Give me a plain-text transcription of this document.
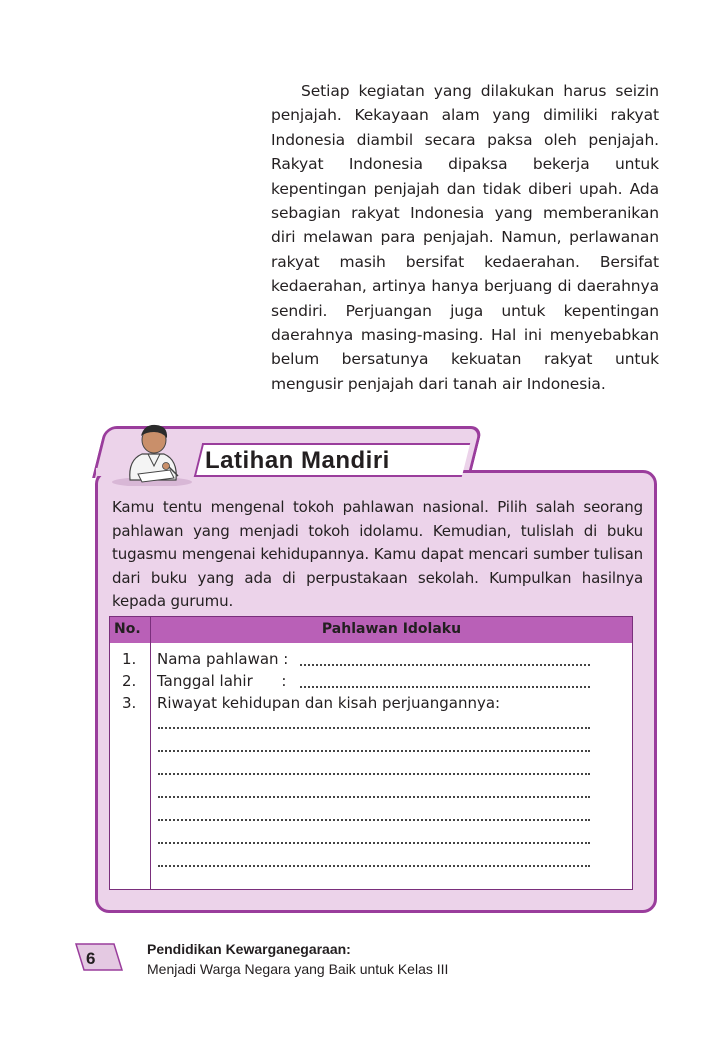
Setiap kegiatan yang dilakukan harus seizin penjajah. Kekayaan alam yang dimiliki rakyat Indonesia diambil secara paksa oleh penjajah. Rakyat Indonesia dipaksa bekerja untuk kepentingan penjajah dan tidak diberi upah. Ada sebagian rakyat Indonesia yang memberanikan diri melawan para penjajah. Namun, perlawanan rakyat masih bersifat kedaerahan. Bersifat kedaerahan, artinya hanya berjuang di daerahnya sendiri. Perjuangan juga untuk kepentingan daerahnya masing-masing. Hal ini menyebabkan belum bersatunya kekuatan rakyat untuk mengusir penjajah dari tanah air Indonesia.

Latihan Mandiri

Kamu tentu mengenal tokoh pahlawan nasional. Pilih salah seorang pahlawan yang menjadi tokoh idolamu. Kemudian, tulislah di buku tugasmu mengenai kehidupannya. Kamu dapat mencari sumber tulisan dari buku yang ada di perpustakaan sekolah. Kumpulkan hasilnya kepada gurumu.

No.	Pahlawan Idolaku
1. Nama pahlawan :
2. Tanggal lahir      :
3. Riwayat kehidupan dan kisah perjuangannya:
6	Pendidikan Kewarganegaraan:
Menjadi Warga Negara yang Baik untuk Kelas III
